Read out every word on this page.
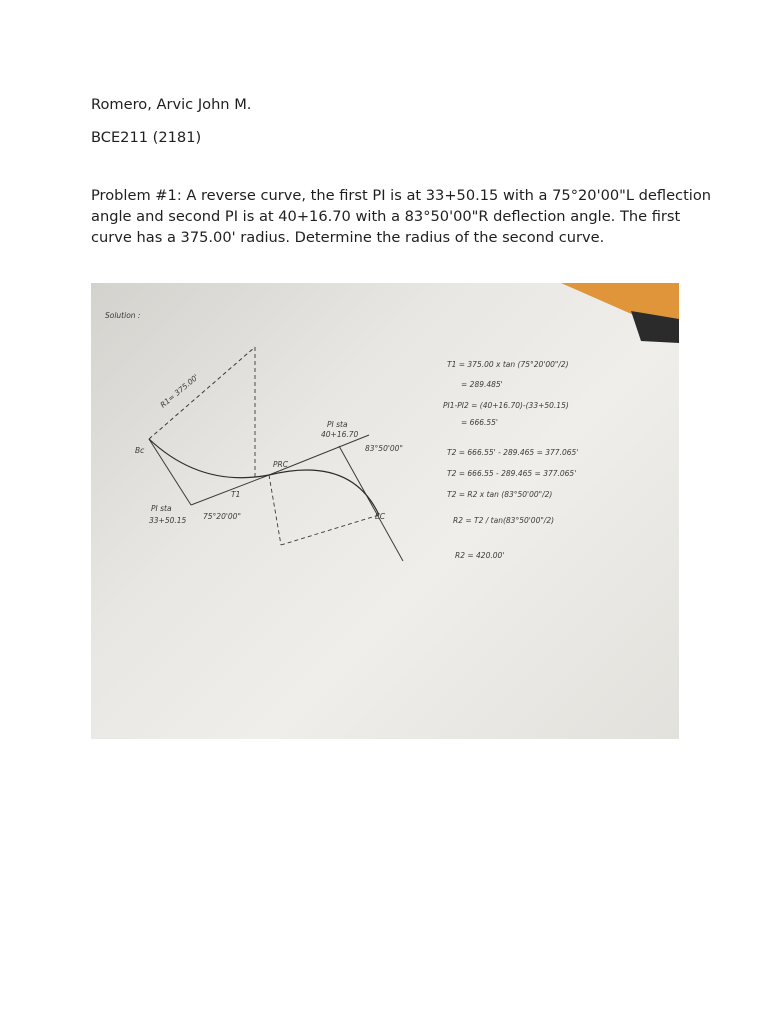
Romero, Arvic John M.
BCE211 (2181)
Problem #1: A reverse curve, the first PI is at 33+50.15 with a 75°20'00"L deflection
angle and second PI is at 40+16.70 with a 83°50'00"R deflection angle. The first
curve has a 375.00' radius. Determine the radius of the second curve.
Solution :
R1= 375.00'
Bc
PRC
EC
T1
PI sta
33+50.15 75°20'00"
PI sta
40+16.70
83°50'00"
T1 = 375.00 x tan (75°20'00"/2)
= 289.485'
PI1-PI2 = (40+16.70)-(33+50.15)
= 666.55'
T2 = 666.55' - 289.465 = 377.065'
T2 = 666.55 - 289.465 = 377.065'
T2 = R2 x tan (83°50'00"/2)
R2 = T2 / tan(83°50'00"/2)
R2 = 420.00'
